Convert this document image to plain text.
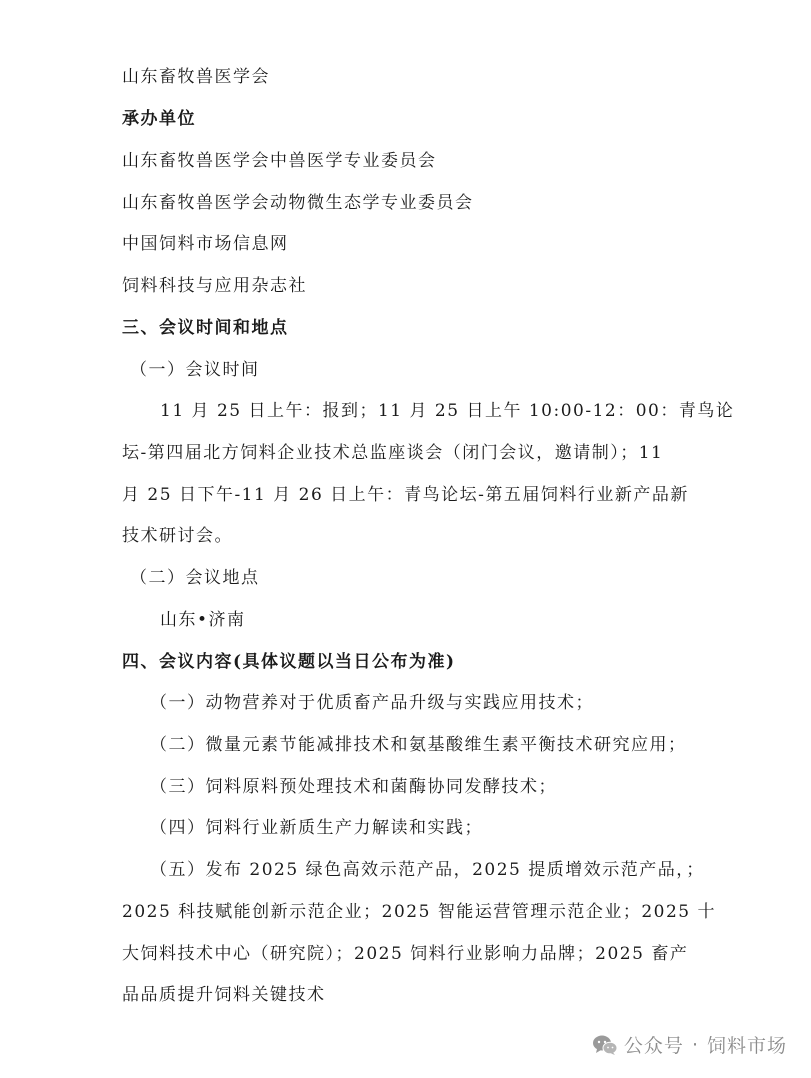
山东畜牧兽医学会
承办单位
山东畜牧兽医学会中兽医学专业委员会
山东畜牧兽医学会动物微生态学专业委员会
中国饲料市场信息网
饲料科技与应用杂志社
三、会议时间和地点
（一）会议时间
11 月 25 日上午：报到；11 月 25 日上午 10:00-12：00：青鸟论
坛-第四届北方饲料企业技术总监座谈会（闭门会议，邀请制）；11
月 25 日下午-11 月 26 日上午：青鸟论坛-第五届饲料行业新产品新
技术研讨会。
（二）会议地点
山东•济南
四、会议内容(具体议题以当日公布为准)
（一）动物营养对于优质畜产品升级与实践应用技术；
（二）微量元素节能减排技术和氨基酸维生素平衡技术研究应用；
（三）饲料原料预处理技术和菌酶协同发酵技术；
（四）饲料行业新质生产力解读和实践；
（五）发布 2025 绿色高效示范产品，2025 提质增效示范产品，；
2025 科技赋能创新示范企业；2025 智能运营管理示范企业；2025 十
大饲料技术中心（研究院）；2025 饲料行业影响力品牌；2025 畜产
品品质提升饲料关键技术
公众号 · 饲料市场
